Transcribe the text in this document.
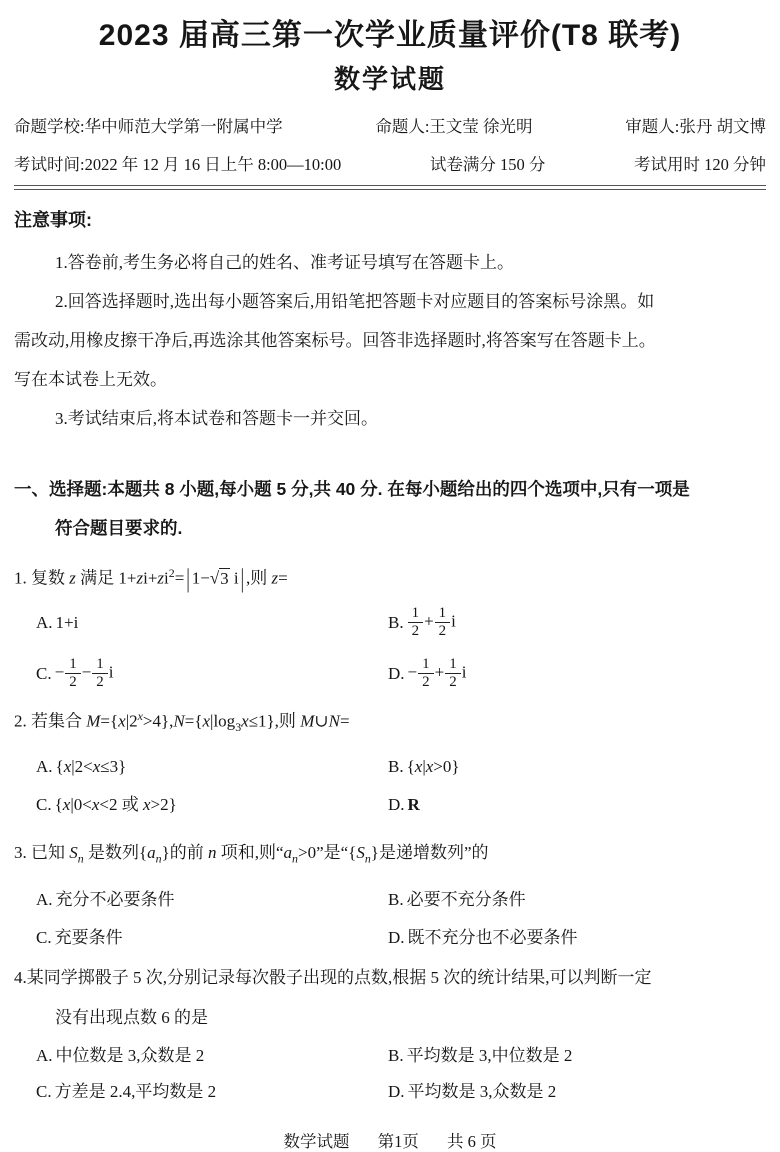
2023 届高三第一次学业质量评价(T8 联考)
数学试题
命题学校:华中师范大学第一附属中学	命题人:王文莹 徐光明	审题人:张丹 胡文博
考试时间:2022 年 12 月 16 日上午 8:00—10:00	试卷满分 150 分	考试用时 120 分钟
注意事项:
1.答卷前,考生务必将自己的姓名、准考证号填写在答题卡上。
2.回答选择题时,选出每小题答案后,用铅笔把答题卡对应题目的答案标号涂黑。如
需改动,用橡皮擦干净后,再选涂其他答案标号。回答非选择题时,将答案写在答题卡上。
写在本试卷上无效。
3.考试结束后,将本试卷和答题卡一并交回。
一、选择题:本题共 8 小题,每小题 5 分,共 40 分. 在每小题给出的四个选项中,只有一项是
符合题目要求的.
1. 复数 z 满足 $1+zi+zi^2=$ | 1−√3 i | ,则 z=
A. 1+i	B. $\frac{1}{2} + \frac{1}{2}$ i
C. − $\frac{1}{2} - \frac{1}{2}$ i	D. − $\frac{1}{2} + \frac{1}{2}$ i
2. 若集合 $M=\{x|2^x>4\},N=\{x|\log_3x\le 1\}$,则 M∪N=
A. {x|2<x≤3}	B. {x|x>0}
C. {x|0<x<2 或 x>2}	D. R
3. 已知 $S_n$ 是数列$\{a_n\}$的前 n 项和,则“$a_n>0$”是“$\{S_n\}$是递增数列”的
A. 充分不必要条件	B. 必要不充分条件
C. 充要条件	D. 既不充分也不必要条件
4.某同学掷骰子 5 次,分别记录每次骰子出现的点数,根据 5 次的统计结果,可以判断一定
没有出现点数 6 的是
A. 中位数是 3,众数是 2	B. 平均数是 3,中位数是 2
C. 方差是 2.4,平均数是 2	D. 平均数是 3,众数是 2
数学试题 第1页 共 6 页
